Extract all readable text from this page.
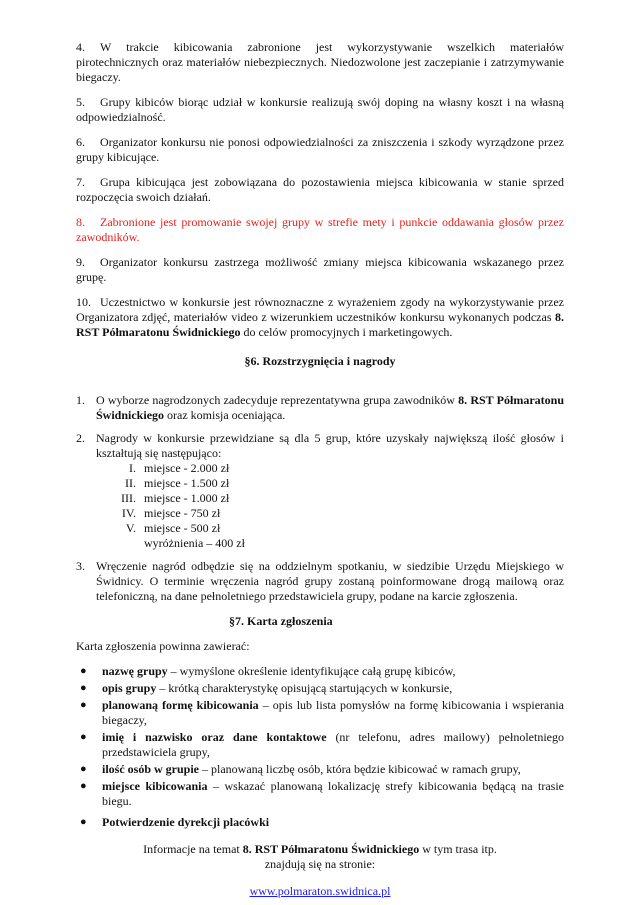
4. W trakcie kibicowania zabronione jest wykorzystywanie wszelkich materiałów pirotechnicznych oraz materiałów niebezpiecznych. Niedozwolone jest zaczepianie i zatrzymywanie biegaczy.

5. Grupy kibiców biorąc udział w konkursie realizują swój doping na własny koszt i na własną odpowiedzialność.

6. Organizator konkursu nie ponosi odpowiedzialności za zniszczenia i szkody wyrządzone przez grupy kibicujące.

7. Grupa kibicująca jest zobowiązana do pozostawienia miejsca kibicowania w stanie sprzed rozpoczęcia swoich działań.

8. Zabronione jest promowanie swojej grupy w strefie mety i punkcie oddawania głosów przez zawodników.

9. Organizator konkursu zastrzega możliwość zmiany miejsca kibicowania wskazanego przez grupę.

10. Uczestnictwo w konkursie jest równoznaczne z wyrażeniem zgody na wykorzystywanie przez Organizatora zdjęć, materiałów video z wizerunkiem uczestników konkursu wykonanych podczas 8. RST Półmaratonu Świdnickiego do celów promocyjnych i marketingowych.

§6. Rozstrzygnięcia i nagrody
1. O wyborze nagrodzonych zadecyduje reprezentatywna grupa zawodników 8. RST Półmaratonu Świdnickiego oraz komisja oceniająca.
2. Nagrody w konkursie przewidziane są dla 5 grup, które uzyskały największą ilość głosów i kształtują się następująco:
I. miejsce - 2.000 zł
II. miejsce - 1.500 zł
III. miejsce - 1.000 zł
IV. miejsce - 750 zł
V. miejsce - 500 zł
wyróżnienia – 400 zł
3. Wręczenie nagród odbędzie się na oddzielnym spotkaniu, w siedzibie Urzędu Miejskiego w Świdnicy. O terminie wręczenia nagród grupy zostaną poinformowane drogą mailową oraz telefoniczną, na dane pełnoletniego przedstawiciela grupy, podane na karcie zgłoszenia.
§7. Karta zgłoszenia
Karta zgłoszenia powinna zawierać:
●	nazwę grupy – wymyślone określenie identyfikujące całą grupę kibiców,
●	opis grupy – krótką charakterystykę opisującą startujących w konkursie,
●	planowaną formę kibicowania – opis lub lista pomysłów na formę kibicowania i wspierania biegaczy,
●	imię i nazwisko oraz dane kontaktowe (nr telefonu, adres mailowy) pełnoletniego przedstawiciela grupy,
●	ilość osób w grupie – planowaną liczbę osób, która będzie kibicować w ramach grupy,
●	miejsce kibicowania – wskazać planowaną lokalizację strefy kibicowania będącą na trasie biegu.
●	Potwierdzenie dyrekcji placówki
Informacje na temat 8. RST Półmaratonu Świdnickiego w tym trasa itp.
znajdują się na stronie:
www.polmaraton.swidnica.pl
